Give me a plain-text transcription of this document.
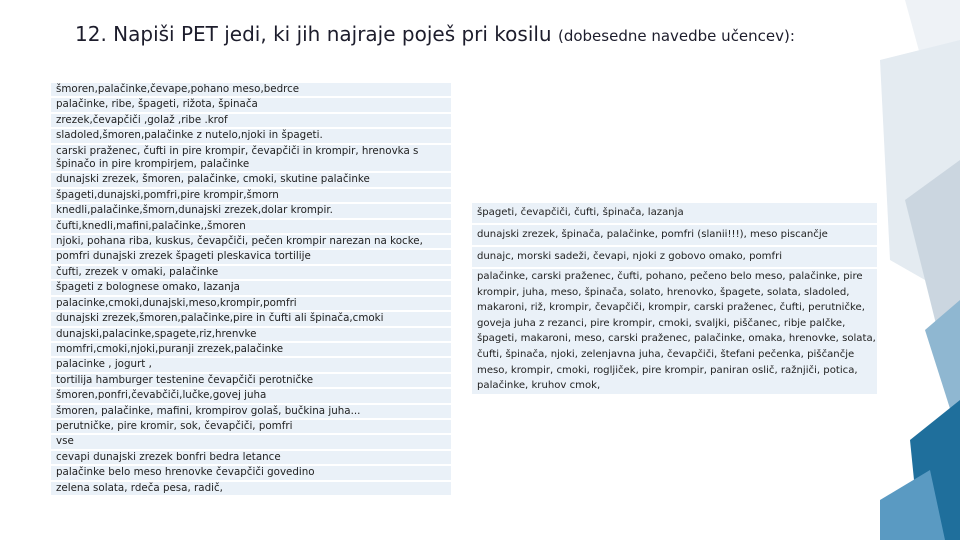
12. Napiši PET jedi, ki jih najraje poješ pri kosilu (dobesedne navedbe učencev):
šmoren,palačinke,čevape,pohano meso,bedrce
palačinke, ribe, špageti, rižota, špinača
zrezek,čevapčiči ,golaž ,ribe .krof
sladoled,šmoren,palačinke z nutelo,njoki in špageti.
carski praženec, čufti in pire krompir, čevapčiči in krompir, hrenovka s špinačo in pire krompirjem, palačinke
dunajski zrezek, šmoren, palačinke, cmoki, skutine palačinke
špageti,dunajski,pomfri,pire krompir,šmorn
knedli,palačinke,šmorn,dunajski zrezek,dolar krompir.
čufti,knedli,mafini,palačinke,,šmoren
njoki, pohana riba, kuskus, čevapčiči, pečen krompir narezan na kocke,
pomfri dunajski zrezek špageti pleskavica tortilije
čufti, zrezek v omaki, palačinke
špageti z bolognese omako, lazanja
palacinke,cmoki,dunajski,meso,krompir,pomfri
dunajski zrezek,šmoren,palačinke,pire in čufti ali špinača,cmoki
dunajski,palacinke,spagete,riz,hrenvke
momfri,cmoki,njoki,puranji zrezek,palačinke
palacinke , jogurt ,
tortilija hamburger testenine čevapčiči perotničke
šmoren,ponfri,čevabčiči,lučke,govej juha
šmoren, palačinke, mafini, krompirov golaš, bučkina juha...
perutničke, pire kromir, sok, čevapčiči, pomfri
vse
cevapi dunajski zrezek bonfri bedra letance
palačinke belo meso hrenovke čevapčiči govedino
zelena solata, rdeča pesa, radič,
špageti, čevapčiči, čufti, špinača, lazanja
dunajski zrezek, špinača, palačinke, pomfri (slanii!!!), meso piscančje
dunajc, morski sadeži, čevapi, njoki z gobovo omako, pomfri
palačinke, carski praženec, čufti, pohano, pečeno belo meso, palačinke, pire krompir, juha, meso, špinača, solato, hrenovko, špagete, solata, sladoled, makaroni, riž, krompir, čevapčiči, krompir, carski praženec, čufti, perutničke, goveja juha z rezanci, pire krompir, cmoki, svaljki, piščanec, ribje palčke, špageti, makaroni, meso, carski praženec, palačinke, omaka, hrenovke, solata, čufti, špinača, njoki, zelenjavna juha, čevapčiči, štefani pečenka, piščančje meso, krompir, cmoki, rogljiček, pire krompir, paniran oslič, ražnjiči, potica, palačinke, kruhov cmok,
